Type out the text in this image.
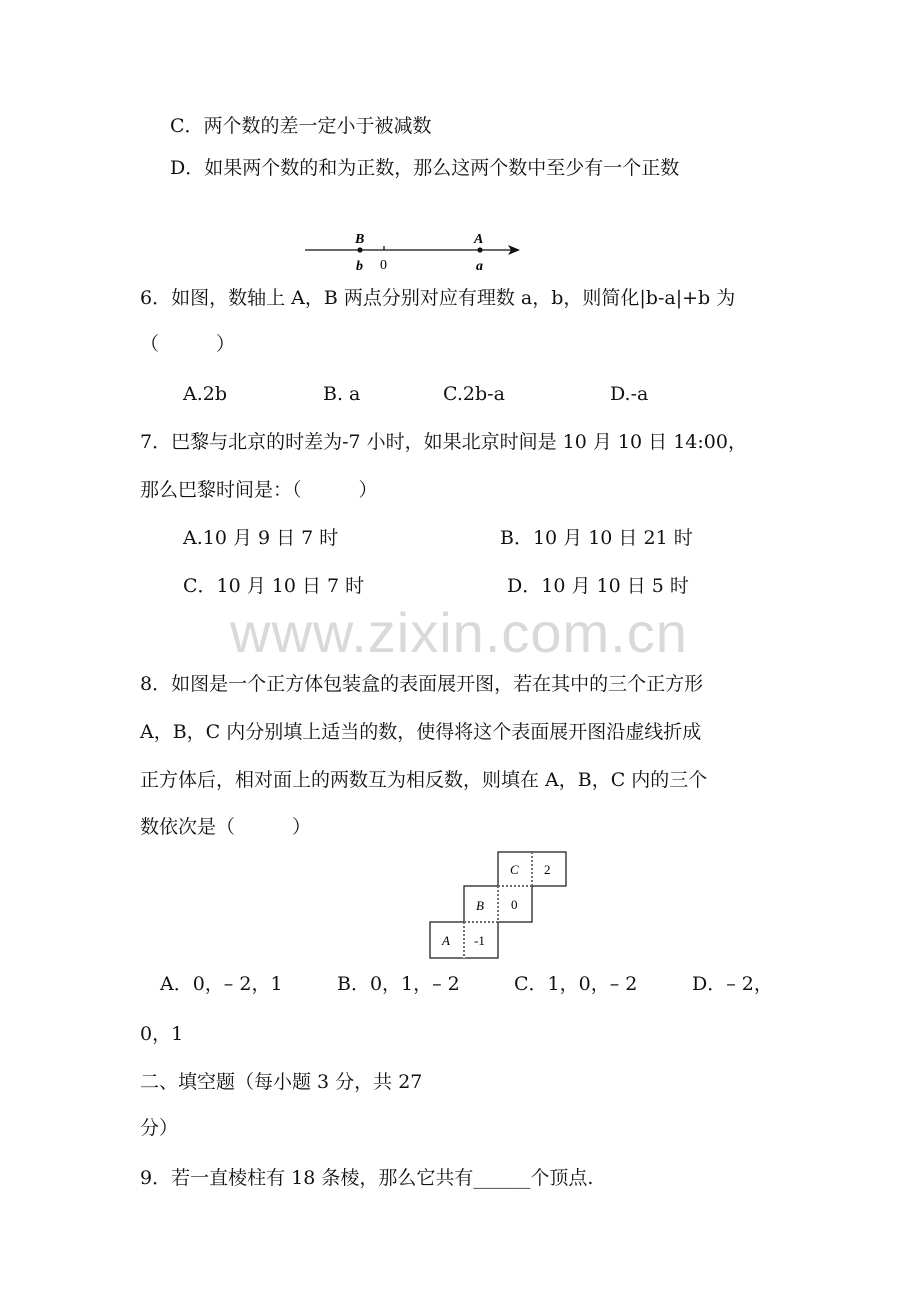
C．两个数的差一定小于被减数
D．如果两个数的和为正数，那么这两个数中至少有一个正数
B
b 0
A
a
6．如图，数轴上 A，B 两点分别对应有理数 a，b，则简化|b-a|+b 为
（　　　）
A.2b	B. a	C.2b-a	D.-a
7．巴黎与北京的时差为-7 小时，如果北京时间是 10 月 10 日 14:00，
那么巴黎时间是：（　　　）
A.10 月 9 日 7 时	B．10 月 10 日 21 时
C．10 月 10 日 7 时	D．10 月 10 日 5 时
www.zixin.com.cn
8．如图是一个正方体包装盒的表面展开图，若在其中的三个正方形
A，B，C 内分别填上适当的数，使得将这个表面展开图沿虚线折成
正方体后，相对面上的两数互为相反数，则填在 A，B，C 内的三个
数依次是（　　　）
C 2
B 0
A -1
A．0，– 2，1	B．0，1，– 2	C．1，0，– 2	D．– 2，
0，1
二、填空题（每小题 3 分，共 27
分）
9．若一直棱柱有 18 条棱，那么它共有______个顶点.
